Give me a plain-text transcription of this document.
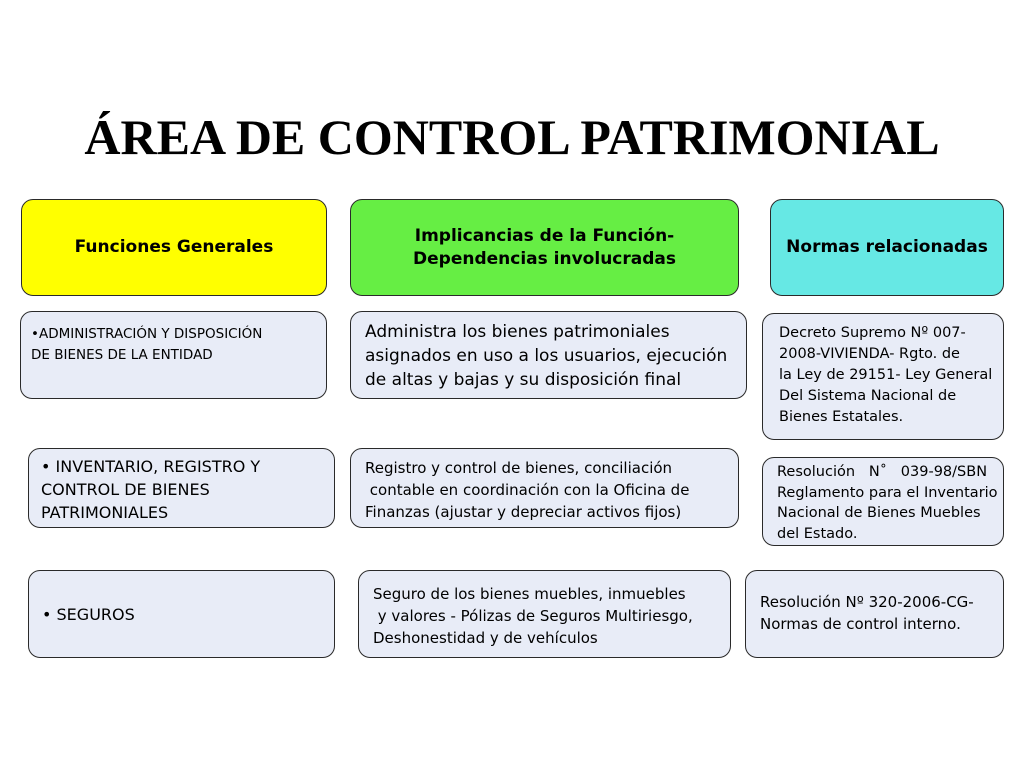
ÁREA DE CONTROL PATRIMONIAL
Funciones Generales
Implicancias de la Función-
Dependencias involucradas
Normas relacionadas
•ADMINISTRACIÓN Y DISPOSICIÓN
DE BIENES DE LA ENTIDAD
Administra los bienes patrimoniales
asignados en uso a los usuarios, ejecución
de altas y bajas y su disposición final
Decreto Supremo Nº 007-
2008-VIVIENDA- Rgto. de
la Ley de 29151- Ley General
Del Sistema Nacional de
Bienes Estatales.
• INVENTARIO, REGISTRO Y
CONTROL DE BIENES
PATRIMONIALES
Registro y control de bienes, conciliación
contable en coordinación con la Oficina de
Finanzas (ajustar y depreciar activos fijos)
Resolución   N˚   039-98/SBN
Reglamento para el Inventario
Nacional de Bienes Muebles
del Estado.
• SEGUROS
Seguro de los bienes muebles, inmuebles
y valores - Pólizas de Seguros Multiriesgo,
Deshonestidad y de vehículos
Resolución Nº 320-2006-CG-
Normas de control interno.
